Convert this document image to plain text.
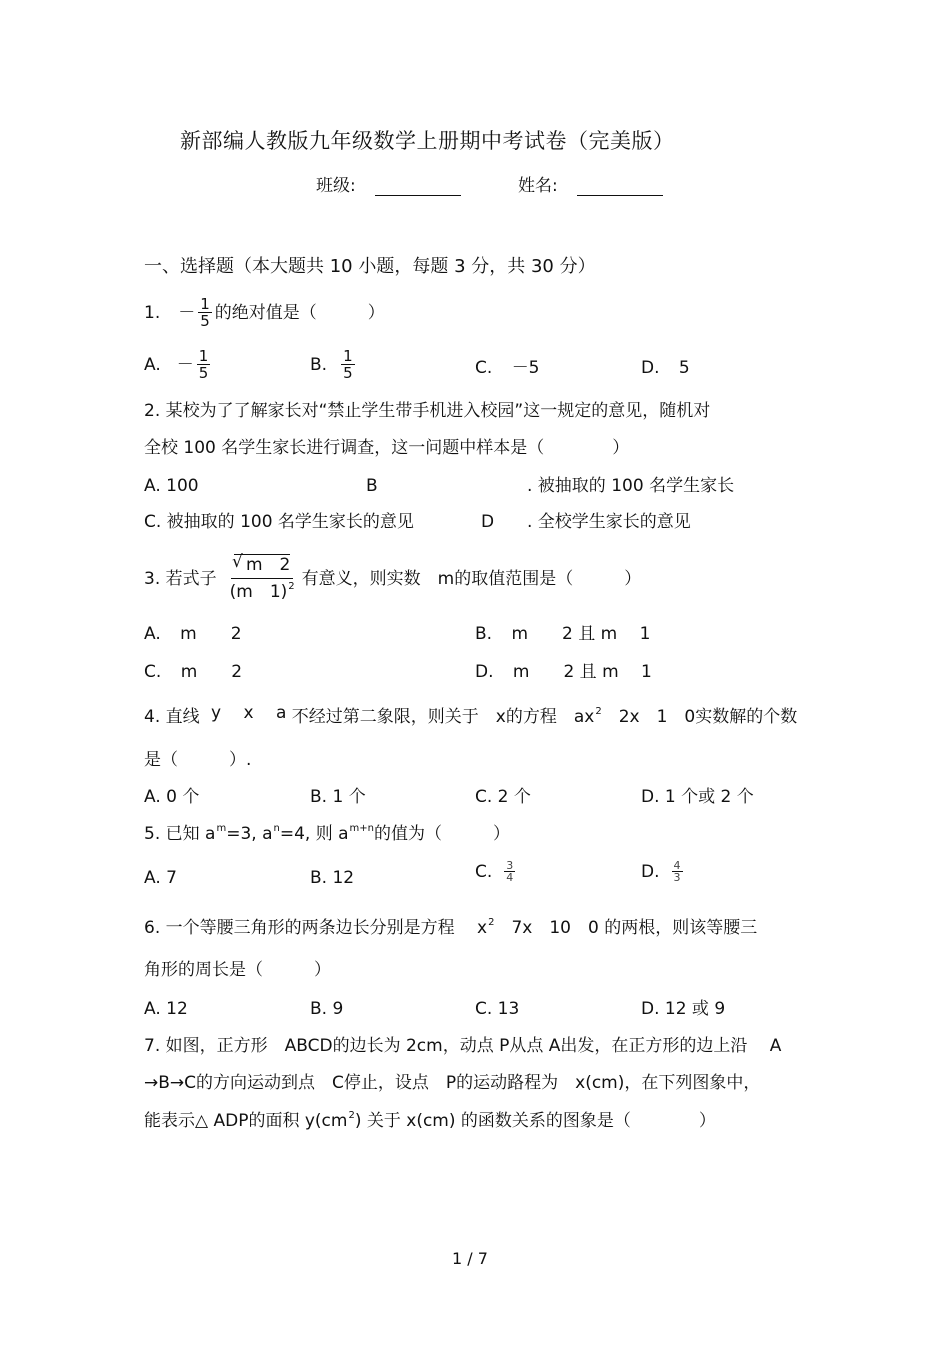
新部编人教版九年级数学上册期中考试卷（完美版）
班级:	姓名:
一、选择题（本大题共 10 小题，每题 3 分，共 30 分）
1. － $\frac{1}{5}$ 的绝对值是（　　　）
A. － $\frac{1}{5}$	B. $\frac{1}{5}$	C. －5	D. 5
2. 某校为了了解家长对“禁止学生带手机进入校园”这一规定的意见，随机对
全校 100 名学生家长进行调查，这一问题中样本是（　　　　）
A. 100	B	. 被抽取的 100 名学生家长
C. 被抽取的 100 名学生家长的意见	D . 全校学生家长的意见
3. 若式子
√ $\frac{m 2}{(m 1)^2}$ 有意义，则实数　m的取值范围是（　　　）
A. m　　2	B. m　　2 且 m　 1
C. m　　2	D. m　　2 且 m　 1
4. 直线 y　 x　 a 不经过第二象限，则关于　x的方程　$ax^2$　2x　1　0实数解的个数
是（　　　）.
A. 0 个	B. 1 个	C. 2 个	D. 1 个或 2 个
5. 已知 $a^m=3$, $a^n=4$, 则 $a^{m+n}$的值为（　　　）
A. 7	B. 12	C. $\frac{3}{4}$	D. $\frac{4}{3}$
6. 一个等腰三角形的两条边长分别是方程　 $x^2$　7x　10　0 的两根，则该等腰三
角形的周长是（　　　）
A. 12	B. 9	C. 13	D. 12 或 9
7. 如图，正方形　ABCD的边长为 2cm，动点 P从点 A出发，在正方形的边上沿　 A
→B→C的方向运动到点　C停止，设点　P的运动路程为　x(cm)，在下列图象中，
能表示△ ADP的面积 $y(cm^2)$ 关于 x(cm) 的函数关系的图象是（　　　　）
1 / 7
